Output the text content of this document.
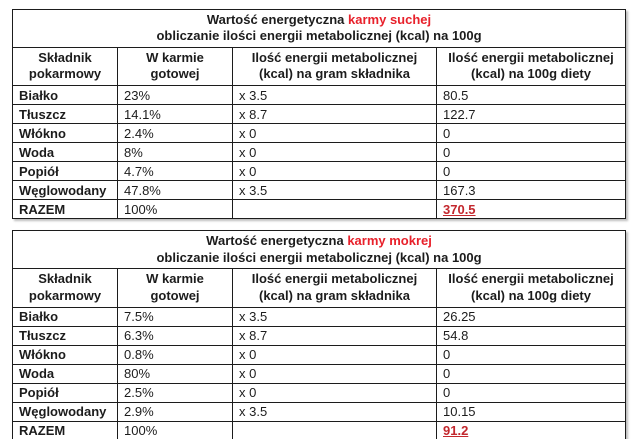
Wartość energetyczna karmy suchej
obliczanie ilości energii metabolicznej (kcal) na 100g			

Składnik pokarmowy	W karmie gotowej	Ilość energii metabolicznej (kcal) na gram składnika	Ilość energii metabolicznej (kcal) na 100g diety

Białko	23%	x 3.5	80.5
Tłuszcz	14.1%	x 8.7	122.7
Włókno	2.4%	x 0	0
Woda	8%	x 0	0
Popiół	4.7%	x 0	0
Węglowodany	47.8%	x 3.5	167.3
RAZEM	100%		370.5
Wartość energetyczna karmy mokrej
obliczanie ilości energii metabolicznej (kcal) na 100g			

Składnik pokarmowy	W karmie gotowej	Ilość energii metabolicznej (kcal) na gram składnika	Ilość energii metabolicznej (kcal) na 100g diety

Białko	7.5%	x 3.5	26.25
Tłuszcz	6.3%	x 8.7	54.8
Włókno	0.8%	x 0	0
Woda	80%	x 0	0
Popiół	2.5%	x 0	0
Węglowodany	2.9%	x 3.5	10.15
RAZEM	100%		91.2
